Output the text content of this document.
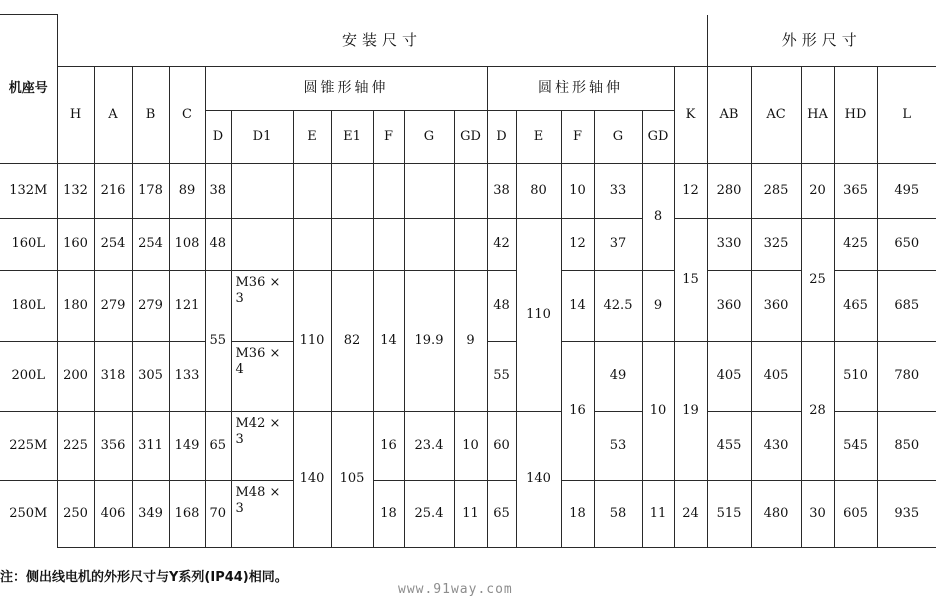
机座号	安装尺寸																	外形尺寸				
	H	A	B	C	圆锥形轴伸							圆柱形轴伸					K	AB	AC	HA	HD	L
					D	D1	E	E1	F	G	GD	D	E	F	G	GD						
132M	132	216	178	89	38							38	80	10	33	8	12	280	285	20	365	495
160L	160	254	254	108	48							42	110	12	37		15	330	325	25	425	650
180L	180	279	279	121	55	M36 × 3	110	82	14	19.9	9	48		14	42.5	9		360	360		465	685
200L	200	318	305	133		M36 × 4						55		16	49	10	19	405	405	28	510	780
225M	225	356	311	149	65	M42 × 3	140	105	16	23.4	10	60	140		53			455	430		545	850
250M	250	406	349	168	70	M48 × 3			18	25.4	11	65		18	58	11	24	515	480	30	605	935
注：侧出线电机的外形尺寸与Y系列(IP44)相同。
www.91way.com
